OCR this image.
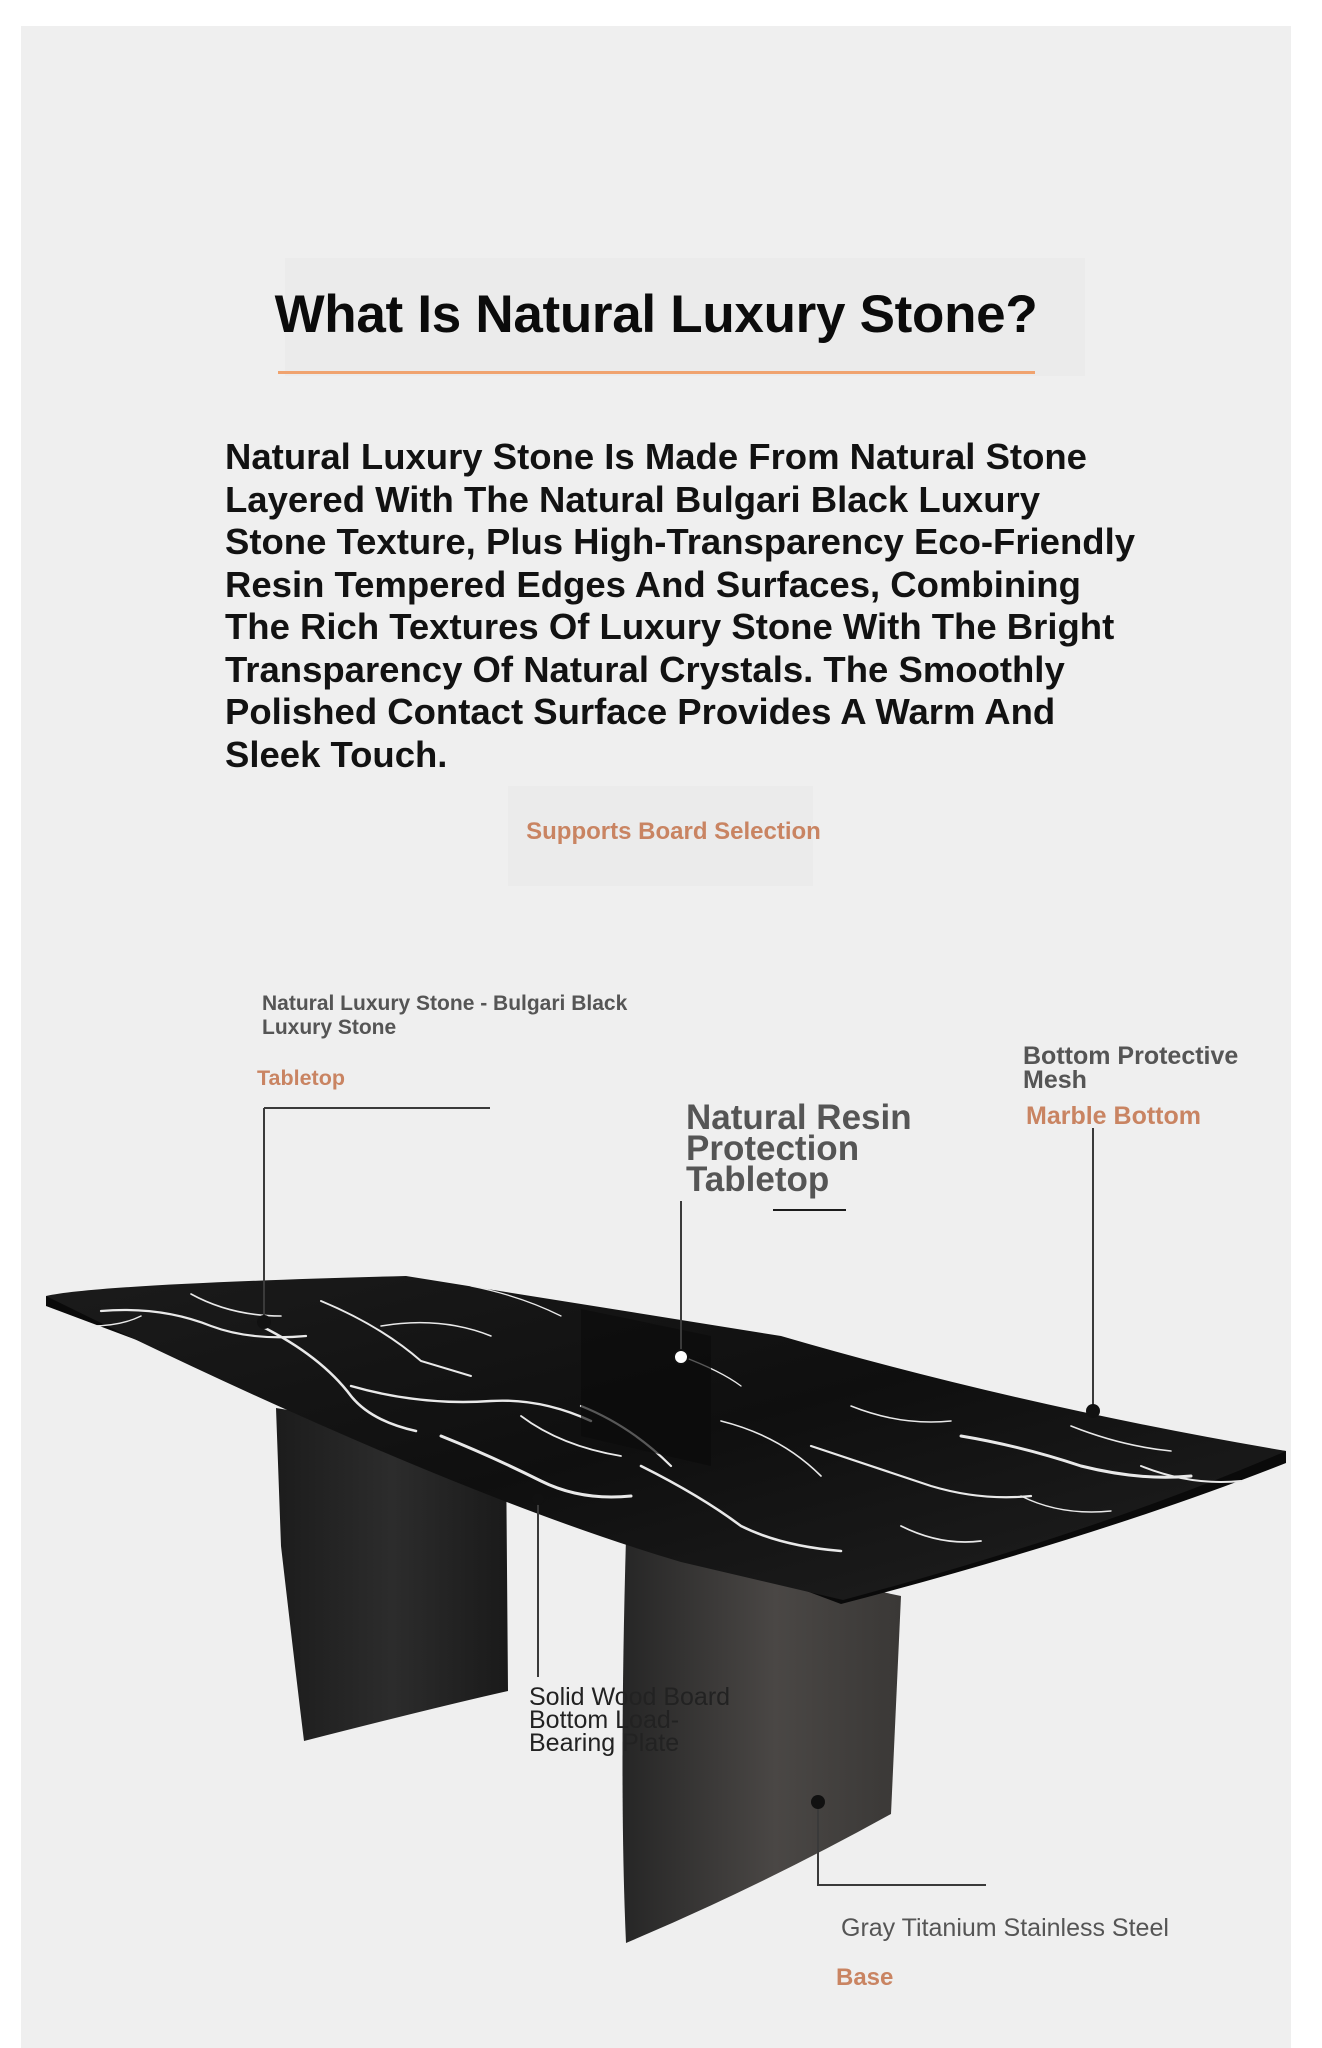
What Is Natural Luxury Stone?

Natural Luxury Stone Is Made From Natural Stone Layered With The Natural Bulgari Black Luxury Stone Texture, Plus High-Transparency Eco-Friendly Resin Tempered Edges And Surfaces, Combining The Rich Textures Of Luxury Stone With The Bright Transparency Of Natural Crystals. The Smoothly Polished Contact Surface Provides A Warm And Sleek Touch.

Supports Board Selection
Natural Luxury Stone - Bulgari Black Luxury Stone
Tabletop
Natural Resin Protection Tabletop
Bottom Protective Mesh
Marble Bottom
Solid Wood Board Bottom Load-Bearing Plate
Gray Titanium Stainless Steel
Base
